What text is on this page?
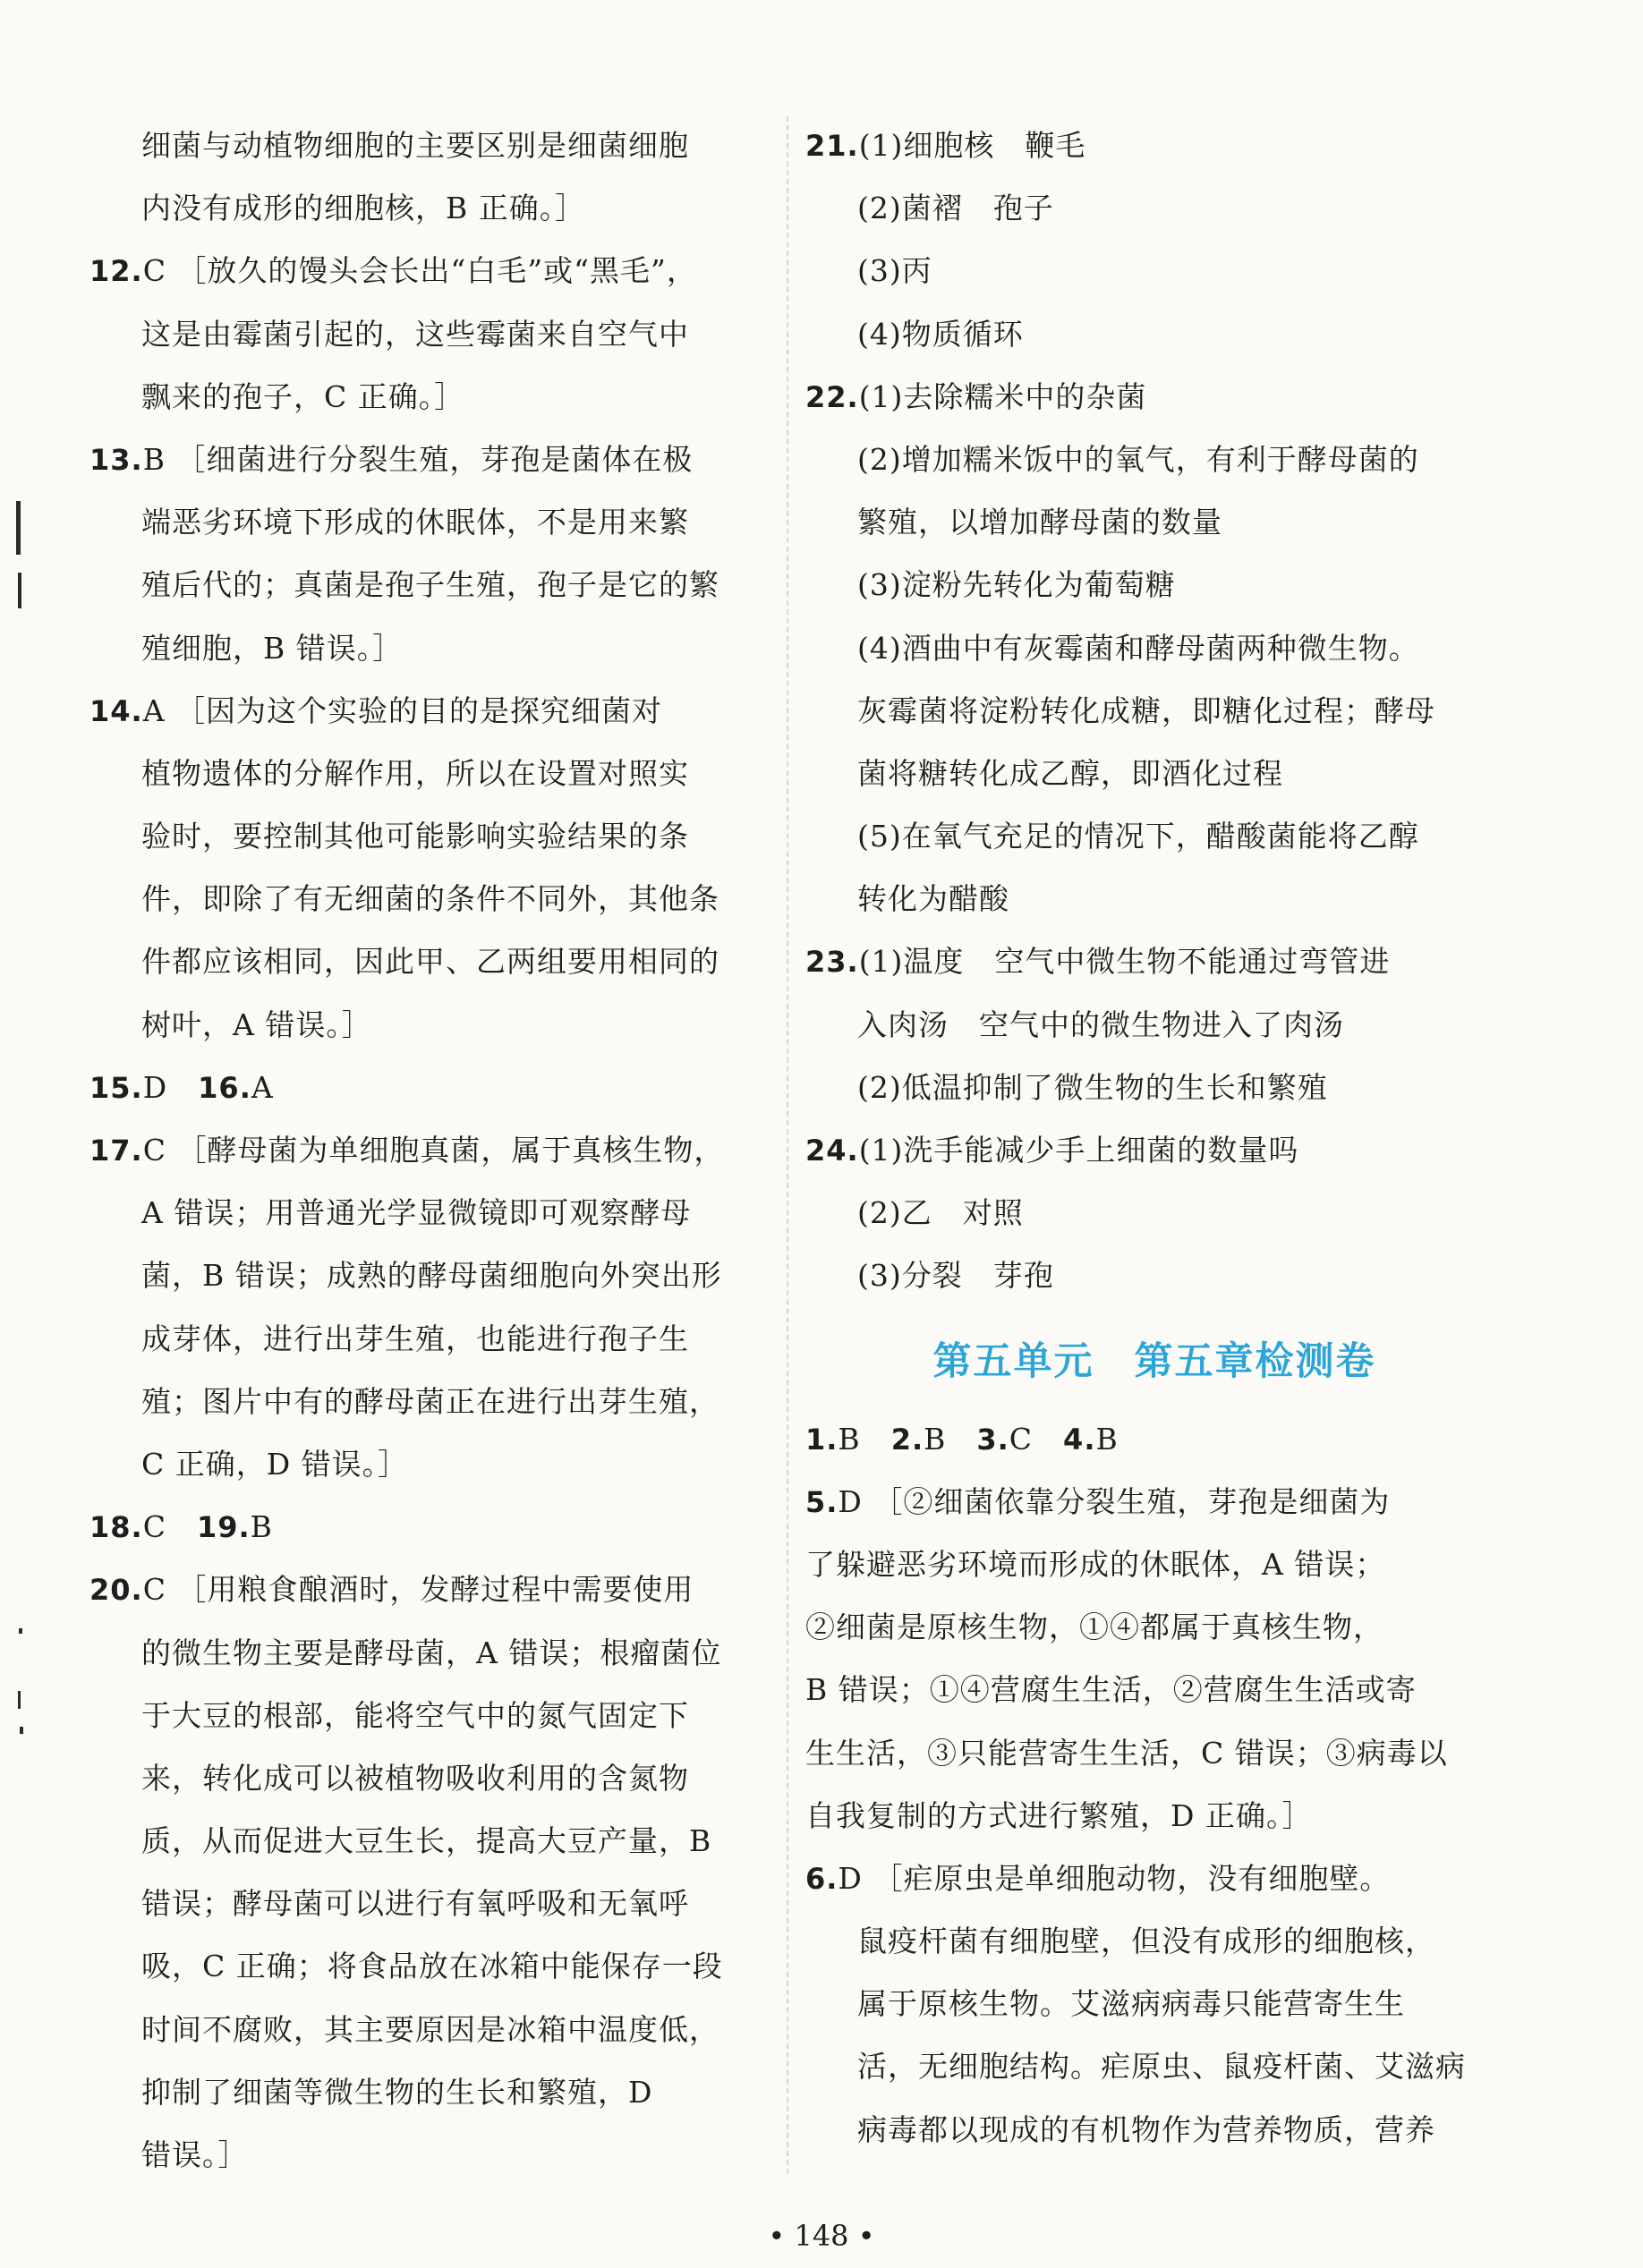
细菌与动植物细胞的主要区别是细菌细胞
内没有成形的细胞核，B 正确。］
12.C ［放久的馒头会长出“白毛”或“黑毛”，
这是由霉菌引起的，这些霉菌来自空气中
飘来的孢子，C 正确。］
13.B ［细菌进行分裂生殖，芽孢是菌体在极
端恶劣环境下形成的休眠体，不是用来繁
殖后代的；真菌是孢子生殖，孢子是它的繁
殖细胞，B 错误。］
14.A ［因为这个实验的目的是探究细菌对
植物遗体的分解作用，所以在设置对照实
验时，要控制其他可能影响实验结果的条
件，即除了有无细菌的条件不同外，其他条
件都应该相同，因此甲、乙两组要用相同的
树叶，A 错误。］
15.D  16.A
17.C ［酵母菌为单细胞真菌，属于真核生物，
A 错误；用普通光学显微镜即可观察酵母
菌，B 错误；成熟的酵母菌细胞向外突出形
成芽体，进行出芽生殖，也能进行孢子生
殖；图片中有的酵母菌正在进行出芽生殖，
C 正确，D 错误。］
18.C  19.B
20.C ［用粮食酿酒时，发酵过程中需要使用
的微生物主要是酵母菌，A 错误；根瘤菌位
于大豆的根部，能将空气中的氮气固定下
来，转化成可以被植物吸收利用的含氮物
质，从而促进大豆生长，提高大豆产量，B
错误；酵母菌可以进行有氧呼吸和无氧呼
吸，C 正确；将食品放在冰箱中能保存一段
时间不腐败，其主要原因是冰箱中温度低，
抑制了细菌等微生物的生长和繁殖，D
错误。］
21.(1)细胞核　鞭毛
(2)菌褶　孢子
(3)丙
(4)物质循环
22.(1)去除糯米中的杂菌
(2)增加糯米饭中的氧气，有利于酵母菌的
繁殖，以增加酵母菌的数量
(3)淀粉先转化为葡萄糖
(4)酒曲中有灰霉菌和酵母菌两种微生物。
灰霉菌将淀粉转化成糖，即糖化过程；酵母
菌将糖转化成乙醇，即酒化过程
(5)在氧气充足的情况下，醋酸菌能将乙醇
转化为醋酸
23.(1)温度　空气中微生物不能通过弯管进
入肉汤　空气中的微生物进入了肉汤
(2)低温抑制了微生物的生长和繁殖
24.(1)洗手能减少手上细菌的数量吗
(2)乙　对照
(3)分裂　芽孢
第五单元　第五章检测卷
1.B  2.B  3.C  4.B
5.D ［②细菌依靠分裂生殖，芽孢是细菌为
了躲避恶劣环境而形成的休眠体，A 错误；
②细菌是原核生物，①④都属于真核生物，
B 错误；①④营腐生生活，②营腐生生活或寄
生生活，③只能营寄生生活，C 错误；③病毒以
自我复制的方式进行繁殖，D 正确。］
6.D ［疟原虫是单细胞动物，没有细胞壁。
鼠疫杆菌有细胞壁，但没有成形的细胞核，
属于原核生物。艾滋病病毒只能营寄生生
活，无细胞结构。疟原虫、鼠疫杆菌、艾滋病
病毒都以现成的有机物作为营养物质，营养
• 148 •
